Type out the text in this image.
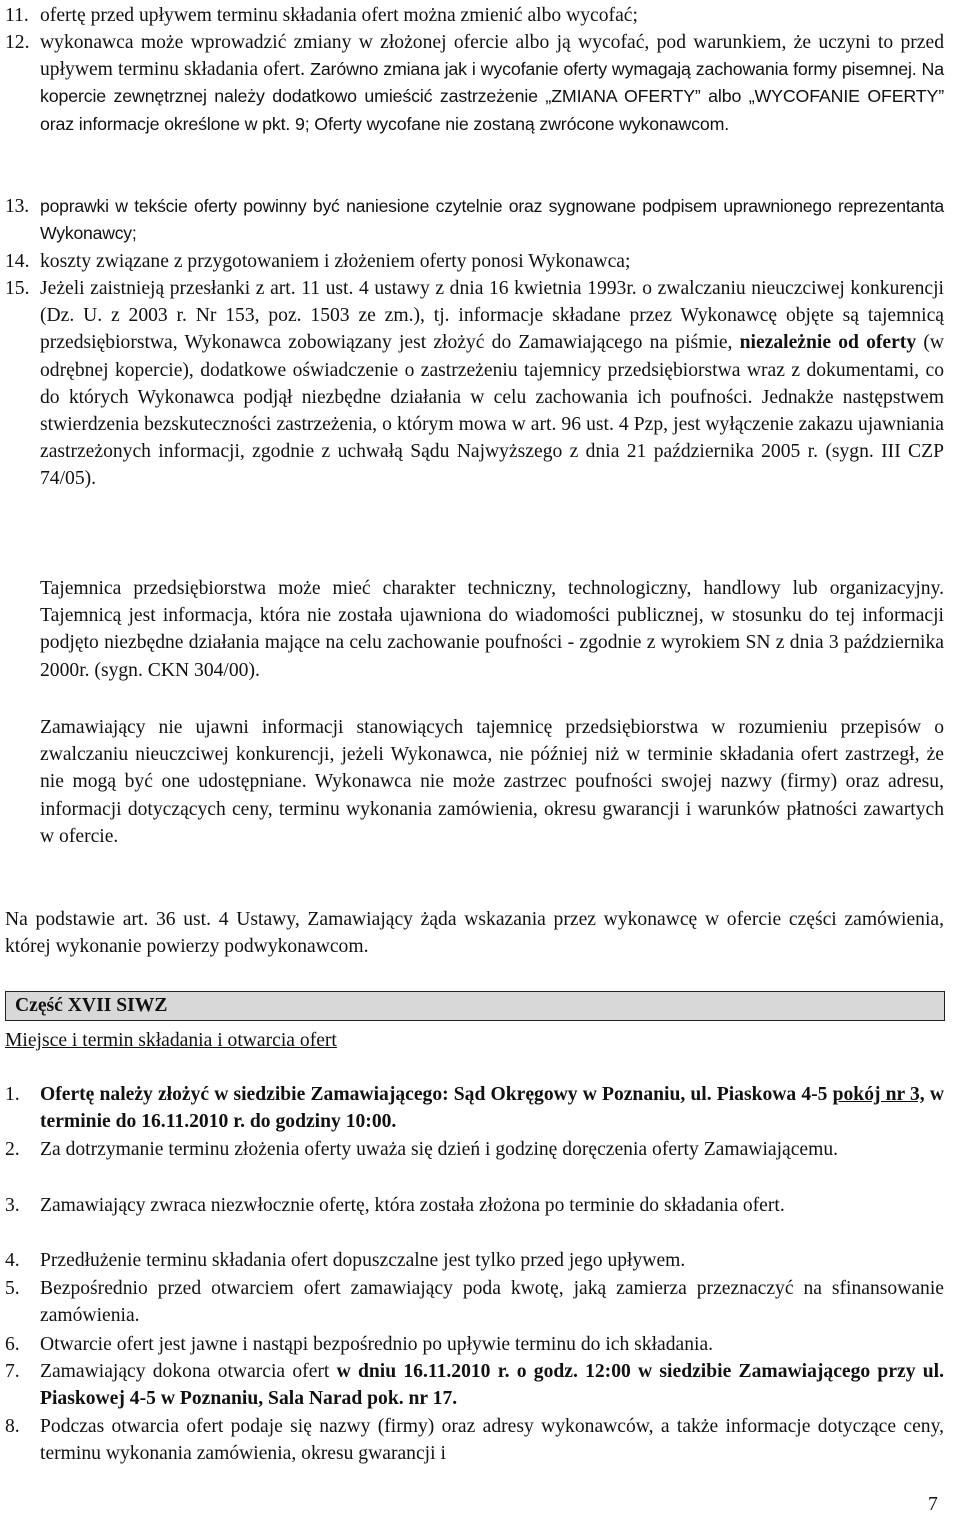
11. ofertę przed upływem terminu składania ofert można zmienić albo wycofać;
12. wykonawca może wprowadzić zmiany w złożonej ofercie albo ją wycofać, pod warunkiem, że uczyni to przed upływem terminu składania ofert. Zarówno zmiana jak i wycofanie oferty wymagają zachowania formy pisemnej. Na kopercie zewnętrznej należy dodatkowo umieścić zastrzeżenie „ZMIANA OFERTY” albo „WYCOFANIE OFERTY” oraz informacje określone w pkt. 9; Oferty wycofane nie zostaną zwrócone wykonawcom.
13. poprawki w tekście oferty powinny być naniesione czytelnie oraz sygnowane podpisem uprawnionego reprezentanta Wykonawcy;
14. koszty związane z przygotowaniem i złożeniem oferty ponosi Wykonawca;
15. Jeżeli zaistnieją przesłanki z art. 11 ust. 4 ustawy z dnia 16 kwietnia 1993r. o zwalczaniu nieuczciwej konkurencji (Dz. U. z 2003 r. Nr 153, poz. 1503 ze zm.), tj. informacje składane przez Wykonawcę objęte są tajemnicą przedsiębiorstwa, Wykonawca zobowiązany jest złożyć do Zamawiającego na piśmie, niezależnie od oferty (w odrębnej kopercie), dodatkowe oświadczenie o zastrzeżeniu tajemnicy przedsiębiorstwa wraz z dokumentami, co do których Wykonawca podjął niezbędne działania w celu zachowania ich poufności. Jednakże następstwem stwierdzenia bezskuteczności zastrzeżenia, o którym mowa w art. 96 ust. 4 Pzp, jest wyłączenie zakazu ujawniania zastrzeżonych informacji, zgodnie z uchwałą Sądu Najwyższego z dnia 21 października 2005 r. (sygn. III CZP 74/05).
Tajemnica przedsiębiorstwa może mieć charakter techniczny, technologiczny, handlowy lub organizacyjny. Tajemnicą jest informacja, która nie została ujawniona do wiadomości publicznej, w stosunku do tej informacji podjęto niezbędne działania mające na celu zachowanie poufności - zgodnie z wyrokiem SN z dnia 3 października 2000r. (sygn. CKN 304/00).
Zamawiający nie ujawni informacji stanowiących tajemnicę przedsiębiorstwa w rozumieniu przepisów o zwalczaniu nieuczciwej konkurencji, jeżeli Wykonawca, nie później niż w terminie składania ofert zastrzegł, że nie mogą być one udostępniane. Wykonawca nie może zastrzec poufności swojej nazwy (firmy) oraz adresu, informacji dotyczących ceny, terminu wykonania zamówienia, okresu gwarancji i warunków płatności zawartych w ofercie.
Na podstawie art. 36 ust. 4 Ustawy, Zamawiający żąda wskazania przez wykonawcę w ofercie części zamówienia, której wykonanie powierzy podwykonawcom.
Część XVII SIWZ
Miejsce i termin składania i otwarcia ofert
1. Ofertę należy złożyć w siedzibie Zamawiającego: Sąd Okręgowy w Poznaniu, ul. Piaskowa 4-5 pokój nr 3, w terminie do 16.11.2010 r. do godziny 10:00.
2. Za dotrzymanie terminu złożenia oferty uważa się dzień i godzinę doręczenia oferty Zamawiającemu.
3. Zamawiający zwraca niezwłocznie ofertę, która została złożona po terminie do składania ofert.
4. Przedłużenie terminu składania ofert dopuszczalne jest tylko przed jego upływem.
5. Bezpośrednio przed otwarciem ofert zamawiający poda kwotę, jaką zamierza przeznaczyć na sfinansowanie zamówienia.
6. Otwarcie ofert jest jawne i nastąpi bezpośrednio po upływie terminu do ich składania.
7. Zamawiający dokona otwarcia ofert w dniu 16.11.2010 r. o godz. 12:00 w siedzibie Zamawiającego przy ul. Piaskowej 4-5 w Poznaniu, Sala Narad pok. nr 17.
8. Podczas otwarcia ofert podaje się nazwy (firmy) oraz adresy wykonawców, a także informacje dotyczące ceny, terminu wykonania zamówienia, okresu gwarancji i
7
